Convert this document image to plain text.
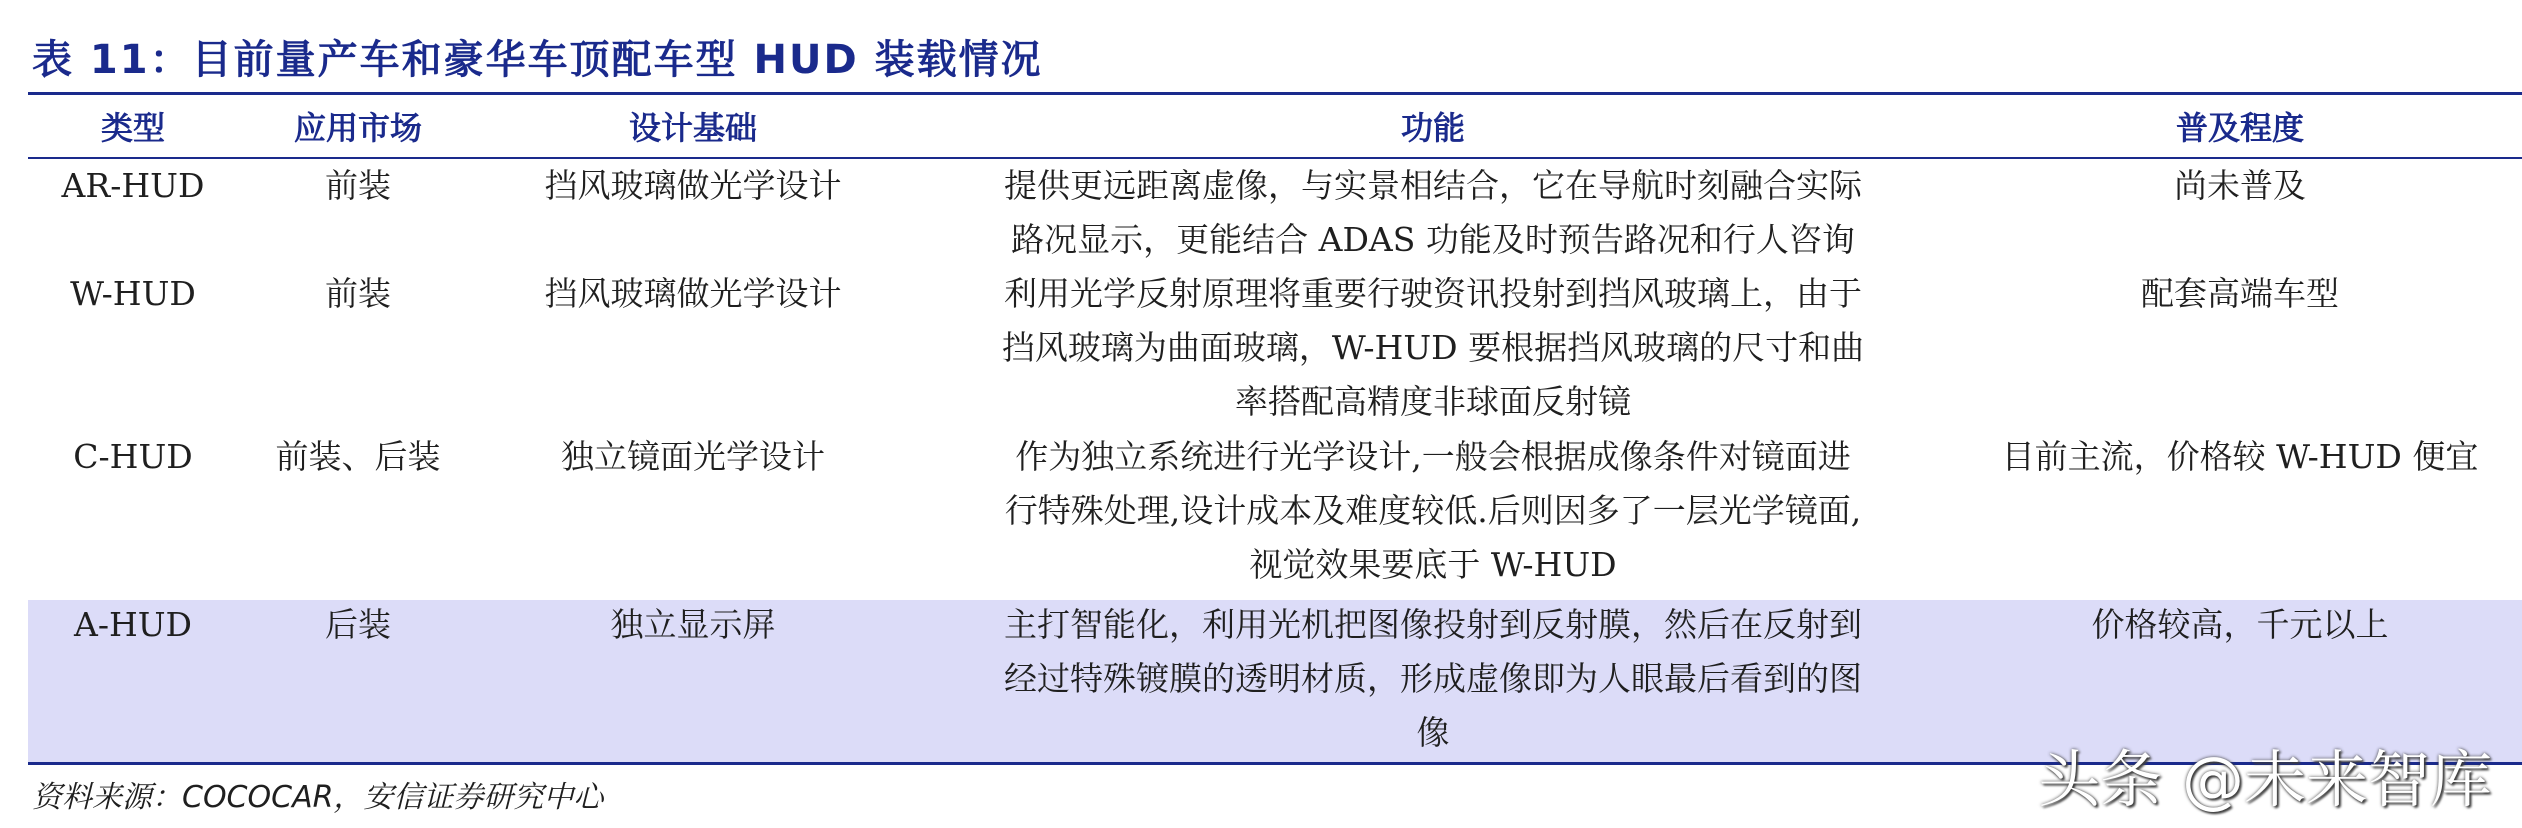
表 11：目前量产车和豪华车顶配车型 HUD 装载情况
类型	应用市场	设计基础	功能	普及程度
AR-HUD	前装	挡风玻璃做光学设计	提供更远距离虚像，与实景相结合，它在导航时刻融合实际
路况显示，更能结合 ADAS 功能及时预告路况和行人咨询	尚未普及
W-HUD	前装	挡风玻璃做光学设计	利用光学反射原理将重要行驶资讯投射到挡风玻璃上，由于
挡风玻璃为曲面玻璃，W-HUD 要根据挡风玻璃的尺寸和曲
率搭配高精度非球面反射镜	配套高端车型
C-HUD	前装、后装	独立镜面光学设计	作为独立系统进行光学设计,一般会根据成像条件对镜面进
行特殊处理,设计成本及难度较低.后则因多了一层光学镜面,
视觉效果要底于 W-HUD	目前主流，价格较 W-HUD 便宜
A-HUD	后装	独立显示屏	主打智能化，利用光机把图像投射到反射膜，然后在反射到
经过特殊镀膜的透明材质，形成虚像即为人眼最后看到的图
像	价格较高，千元以上
资料来源：COCOCAR，安信证券研究中心	头条 @未来智库
